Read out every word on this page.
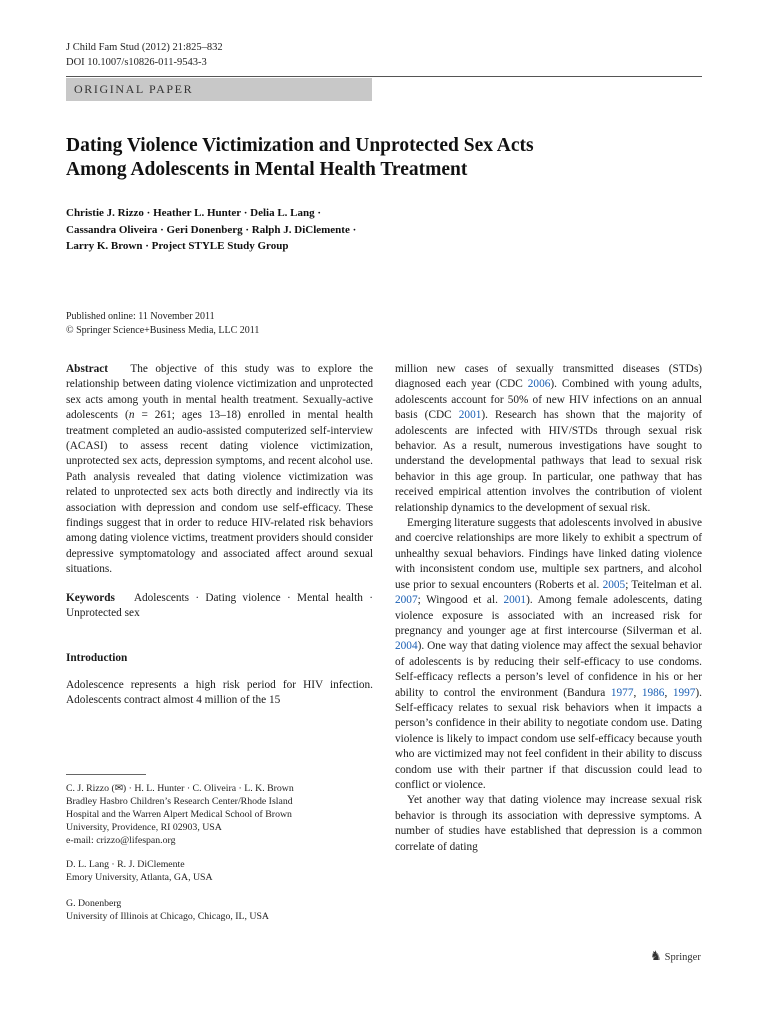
J Child Fam Stud (2012) 21:825–832
DOI 10.1007/s10826-011-9543-3
ORIGINAL PAPER
Dating Violence Victimization and Unprotected Sex Acts
Among Adolescents in Mental Health Treatment
Christie J. Rizzo · Heather L. Hunter · Delia L. Lang ·
Cassandra Oliveira · Geri Donenberg · Ralph J. DiClemente ·
Larry K. Brown · Project STYLE Study Group
Published online: 11 November 2011
© Springer Science+Business Media, LLC 2011

Abstract The objective of this study was to explore the relationship between dating violence victimization and unprotected sex acts among youth in mental health treatment. Sexually-active adolescents (n = 261; ages 13–18) enrolled in mental health treatment completed an audio-assisted computerized self-interview (ACASI) to assess recent dating violence victimization, unprotected sex acts, depression symptoms, and recent alcohol use. Path analysis revealed that dating violence victimization was related to unprotected sex acts both directly and indirectly via its association with depression and condom use self-efficacy. These findings suggest that in order to reduce HIV-related risk behaviors among dating violence victims, treatment providers should consider depressive symptomatology and associated affect around sexual situations.

Keywords Adolescents · Dating violence · Mental health · Unprotected sex

Introduction

Adolescence represents a high risk period for HIV infection. Adolescents contract almost 4 million of the 15

C. J. Rizzo (✉) · H. L. Hunter · C. Oliveira · L. K. Brown
Bradley Hasbro Children’s Research Center/Rhode Island
Hospital and the Warren Alpert Medical School of Brown
University, Providence, RI 02903, USA
e-mail: crizzo@lifespan.org
D. L. Lang · R. J. DiClemente
Emory University, Atlanta, GA, USA
G. Donenberg
University of Illinois at Chicago, Chicago, IL, USA

million new cases of sexually transmitted diseases (STDs) diagnosed each year (CDC 2006). Combined with young adults, adolescents account for 50% of new HIV infections on an annual basis (CDC 2001). Research has shown that the majority of adolescents are infected with HIV/STDs through sexual risk behavior. As a result, numerous investigations have sought to understand the developmental pathways that lead to sexual risk behavior in this age group. In particular, one pathway that has received empirical attention involves the contribution of violent relationship dynamics to the development of sexual risk.

Emerging literature suggests that adolescents involved in abusive and coercive relationships are more likely to exhibit a spectrum of unhealthy sexual behaviors. Findings have linked dating violence with inconsistent condom use, multiple sex partners, and alcohol use prior to sexual encounters (Roberts et al. 2005; Teitelman et al. 2007; Wingood et al. 2001). Among female adolescents, dating violence exposure is associated with an increased risk for pregnancy and younger age at first intercourse (Silverman et al. 2004). One way that dating violence may affect the sexual behavior of adolescents is by reducing their self-efficacy to use condoms. Self-efficacy reflects a person’s level of confidence in his or her ability to control the environment (Bandura 1977, 1986, 1997). Self-efficacy relates to sexual risk behaviors when it impacts a person’s confidence in their ability to negotiate condom use. Dating violence is likely to impact condom use self-efficacy because youth who are victimized may not feel confident in their ability to discuss condom use with their partner if that discussion could lead to conflict or violence.

Yet another way that dating violence may increase sexual risk behavior is through its association with depressive symptoms. A number of studies have established that depression is a common correlate of dating

♞ Springer
